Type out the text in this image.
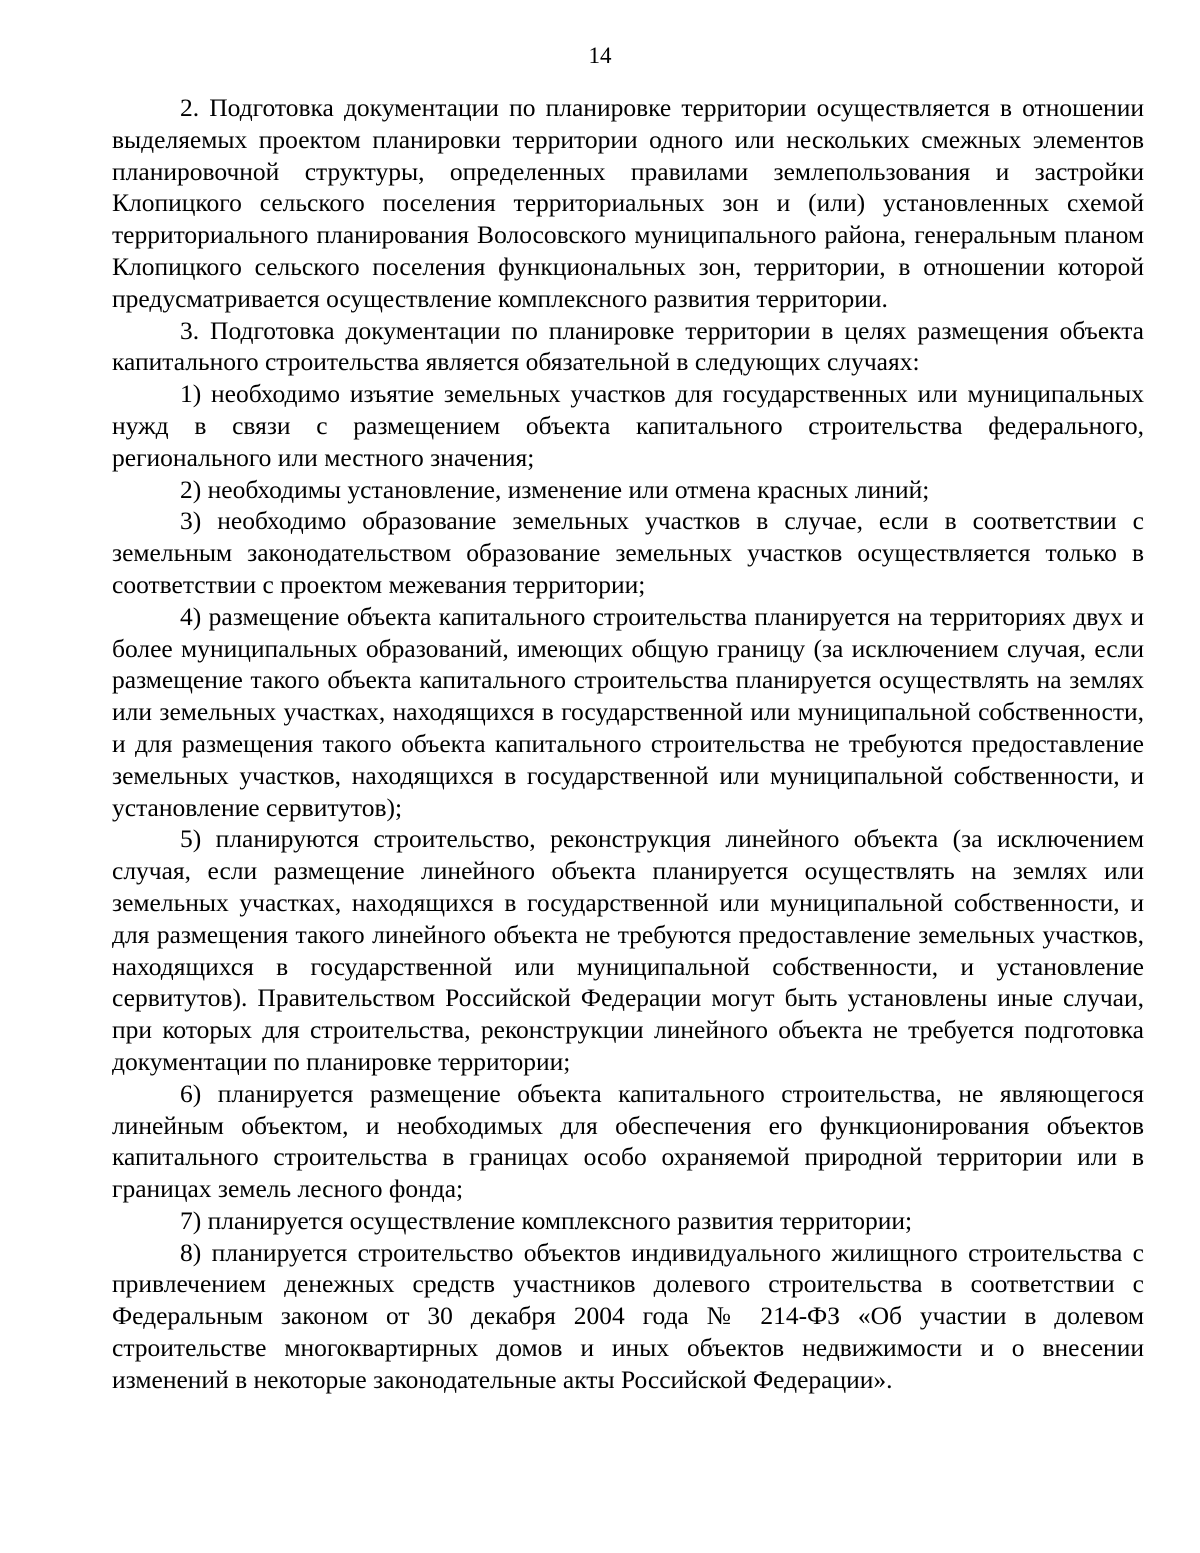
14

2. Подготовка документации по планировке территории осуществляется в отношении выделяемых проектом планировки территории одного или нескольких смежных элементов планировочной структуры, определенных правилами землепользования и застройки Клопицкого сельского поселения территориальных зон и (или) установленных схемой территориального планирования Волосовского муниципального района, генеральным планом Клопицкого сельского поселения функциональных зон, территории, в отношении которой предусматривается осуществление комплексного развития территории.

3. Подготовка документации по планировке территории в целях размещения объекта капитального строительства является обязательной в следующих случаях:

1) необходимо изъятие земельных участков для государственных или муниципальных нужд в связи с размещением объекта капитального строительства федерального, регионального или местного значения;

2) необходимы установление, изменение или отмена красных линий;

3) необходимо образование земельных участков в случае, если в соответствии с земельным законодательством образование земельных участков осуществляется только в соответствии с проектом межевания территории;

4) размещение объекта капитального строительства планируется на территориях двух и более муниципальных образований, имеющих общую границу (за исключением случая, если размещение такого объекта капитального строительства планируется осуществлять на землях или земельных участках, находящихся в государственной или муниципальной собственности, и для размещения такого объекта капитального строительства не требуются предоставление земельных участков, находящихся в государственной или муниципальной собственности, и установление сервитутов);

5) планируются строительство, реконструкция линейного объекта (за исключением случая, если размещение линейного объекта планируется осуществлять на землях или земельных участках, находящихся в государственной или муниципальной собственности, и для размещения такого линейного объекта не требуются предоставление земельных участков, находящихся в государственной или муниципальной собственности, и установление сервитутов). Правительством Российской Федерации могут быть установлены иные случаи, при которых для строительства, реконструкции линейного объекта не требуется подготовка документации по планировке территории;

6) планируется размещение объекта капитального строительства, не являющегося линейным объектом, и необходимых для обеспечения его функционирования объектов капитального строительства в границах особо охраняемой природной территории или в границах земель лесного фонда;

7) планируется осуществление комплексного развития территории;

8) планируется строительство объектов индивидуального жилищного строительства с привлечением денежных средств участников долевого строительства в соответствии с Федеральным законом от 30 декабря 2004 года № 214-ФЗ «Об участии в долевом строительстве многоквартирных домов и иных объектов недвижимости и о внесении изменений в некоторые законодательные акты Российской Федерации».
